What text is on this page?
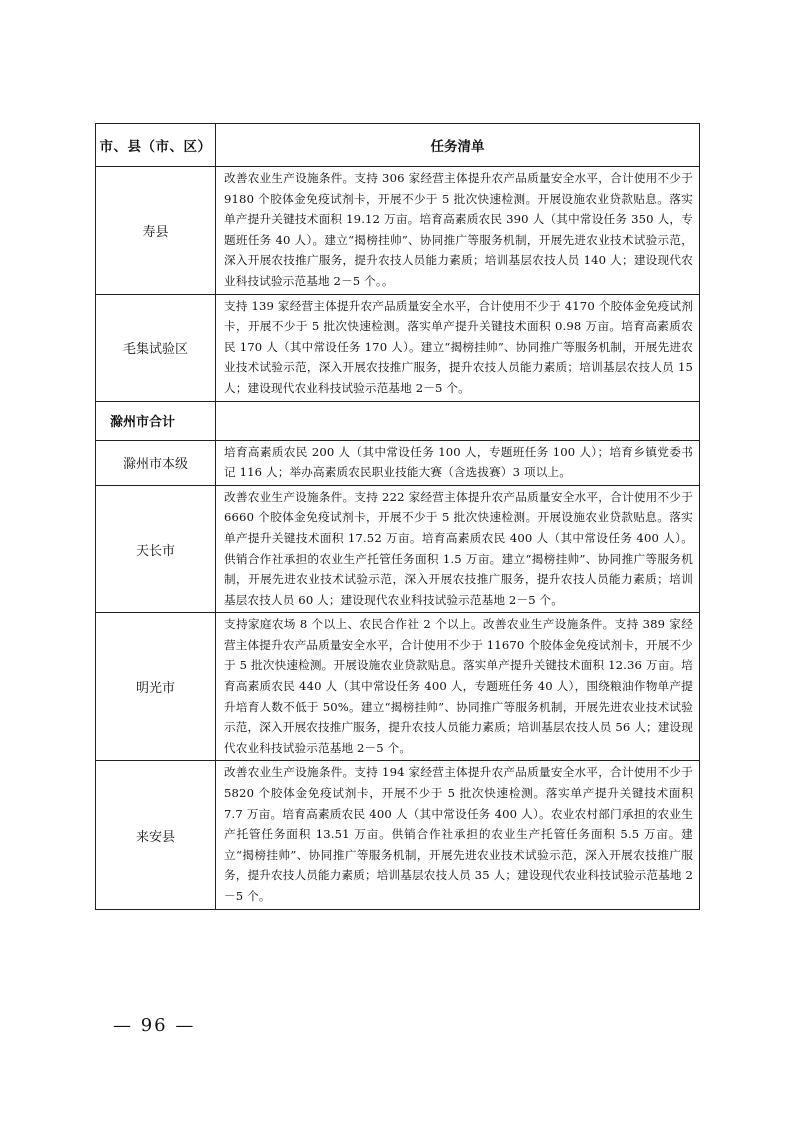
市、县（市、区）	任务清单
寿县	改善农业生产设施条件。支持 306 家经营主体提升农产品质量安全水平，合计使用不少于 9180 个胶体金免疫试剂卡，开展不少于 5 批次快速检测。开展设施农业贷款贴息。落实单产提升关键技术面积 19.12 万亩。培育高素质农民 390 人（其中常设任务 350 人，专题班任务 40 人）。建立“揭榜挂帅”、协同推广等服务机制，开展先进农业技术试验示范，深入开展农技推广服务，提升农技人员能力素质；培训基层农技人员 140 人；建设现代农业科技试验示范基地 2－5 个。。
毛集试验区	支持 139 家经营主体提升农产品质量安全水平，合计使用不少于 4170 个胶体金免疫试剂卡，开展不少于 5 批次快速检测。落实单产提升关键技术面积 0.98 万亩。培育高素质农民 170 人（其中常设任务 170 人）。建立“揭榜挂帅”、协同推广等服务机制，开展先进农业技术试验示范，深入开展农技推广服务，提升农技人员能力素质；培训基层农技人员 15 人；建设现代农业科技试验示范基地 2－5 个。
滁州市合计	
滁州市本级	培育高素质农民 200 人（其中常设任务 100 人，专题班任务 100 人）；培育乡镇党委书记 116 人；举办高素质农民职业技能大赛（含选拔赛）3 项以上。
天长市	改善农业生产设施条件。支持 222 家经营主体提升农产品质量安全水平，合计使用不少于 6660 个胶体金免疫试剂卡，开展不少于 5 批次快速检测。开展设施农业贷款贴息。落实单产提升关键技术面积 17.52 万亩。培育高素质农民 400 人（其中常设任务 400 人）。供销合作社承担的农业生产托管任务面积 1.5 万亩。建立“揭榜挂帅”、协同推广等服务机制，开展先进农业技术试验示范，深入开展农技推广服务，提升农技人员能力素质；培训基层农技人员 60 人；建设现代农业科技试验示范基地 2－5 个。
明光市	支持家庭农场 8 个以上、农民合作社 2 个以上。改善农业生产设施条件。支持 389 家经营主体提升农产品质量安全水平，合计使用不少于 11670 个胶体金免疫试剂卡，开展不少于 5 批次快速检测。开展设施农业贷款贴息。落实单产提升关键技术面积 12.36 万亩。培育高素质农民 440 人（其中常设任务 400 人，专题班任务 40 人），围绕粮油作物单产提升培育人数不低于 50%。建立“揭榜挂帅”、协同推广等服务机制，开展先进农业技术试验示范，深入开展农技推广服务，提升农技人员能力素质；培训基层农技人员 56 人；建设现代农业科技试验示范基地 2－5 个。
来安县	改善农业生产设施条件。支持 194 家经营主体提升农产品质量安全水平，合计使用不少于 5820 个胶体金免疫试剂卡，开展不少于 5 批次快速检测。落实单产提升关键技术面积 7.7 万亩。培育高素质农民 400 人（其中常设任务 400 人）。农业农村部门承担的农业生产托管任务面积 13.51 万亩。供销合作社承担的农业生产托管任务面积 5.5 万亩。建立“揭榜挂帅”、协同推广等服务机制，开展先进农业技术试验示范，深入开展农技推广服务，提升农技人员能力素质；培训基层农技人员 35 人；建设现代农业科技试验示范基地 2－5 个。
— 96 —
